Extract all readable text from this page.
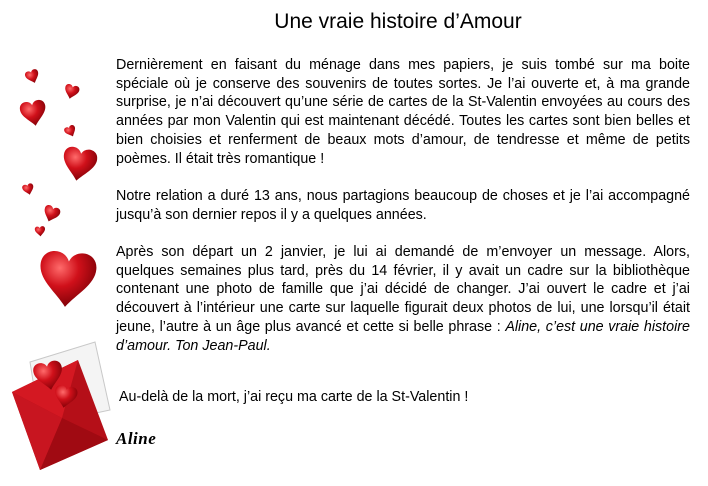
Une vraie histoire d’Amour

Dernièrement en faisant du ménage dans mes papiers, je suis tombé sur ma boite spéciale où je conserve des souvenirs de toutes sortes. Je l’ai ouverte et, à ma grande surprise, je n’ai découvert qu’une série de cartes de la St-Valentin envoyées au cours des années par mon Valentin qui est maintenant décédé. Toutes les cartes sont bien belles et bien choisies et renferment de beaux mots d’amour, de tendresse et même de petits poèmes. Il était très romantique !

Notre relation a duré 13 ans, nous partagions beaucoup de choses et je l’ai accompagné jusqu’à son dernier repos il y a quelques années.

Après son départ un 2 janvier, je lui ai demandé de m’envoyer un message. Alors, quelques semaines plus tard, près du 14 février, il y avait un cadre sur la bibliothèque contenant une photo de famille que j’ai décidé de changer. J’ai ouvert le cadre et j’ai découvert à l’intérieur une carte sur laquelle figurait deux photos de lui, une lorsqu’il était jeune, l’autre à un âge plus avancé et cette si belle phrase : Aline, c’est une vraie histoire d’amour. Ton Jean-Paul.

Au-delà de la mort, j’ai reçu ma carte de la St-Valentin !

Aline
